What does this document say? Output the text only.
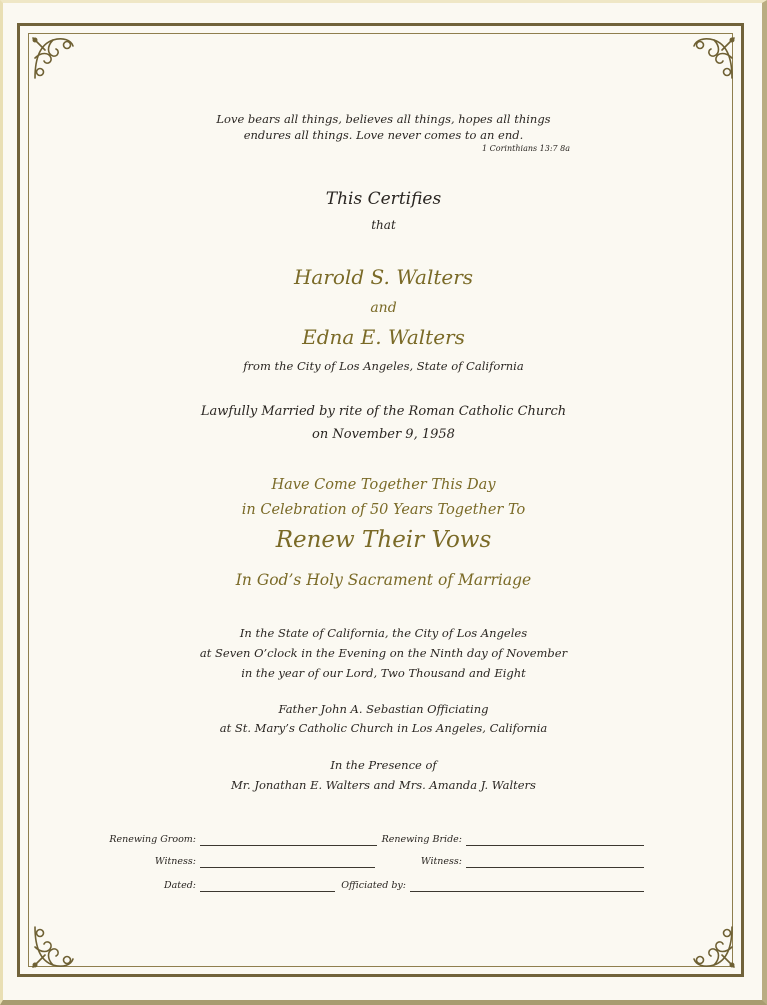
Love bears all things, believes all things, hopes all things
endures all things. Love never comes to an end.
1 Corinthians 13:7 8a
This Certifies
that
Harold S. Walters
and
Edna E. Walters
from the City of Los Angeles, State of California
Lawfully Married by rite of the Roman Catholic Church
on November 9, 1958
Have Come Together This Day
in Celebration of 50 Years Together To
Renew Their Vows
In God’s Holy Sacrament of Marriage
In the State of California, the City of Los Angeles
at Seven O’clock in the Evening on the Ninth day of November
in the year of our Lord, Two Thousand and Eight
Father John A. Sebastian Officiating
at St. Mary’s Catholic Church in Los Angeles, California
In the Presence of
Mr. Jonathan E. Walters and Mrs. Amanda J. Walters
Renewing Groom:	Renewing Bride:
Witness:	Witness:
Dated:	Officiated by:
